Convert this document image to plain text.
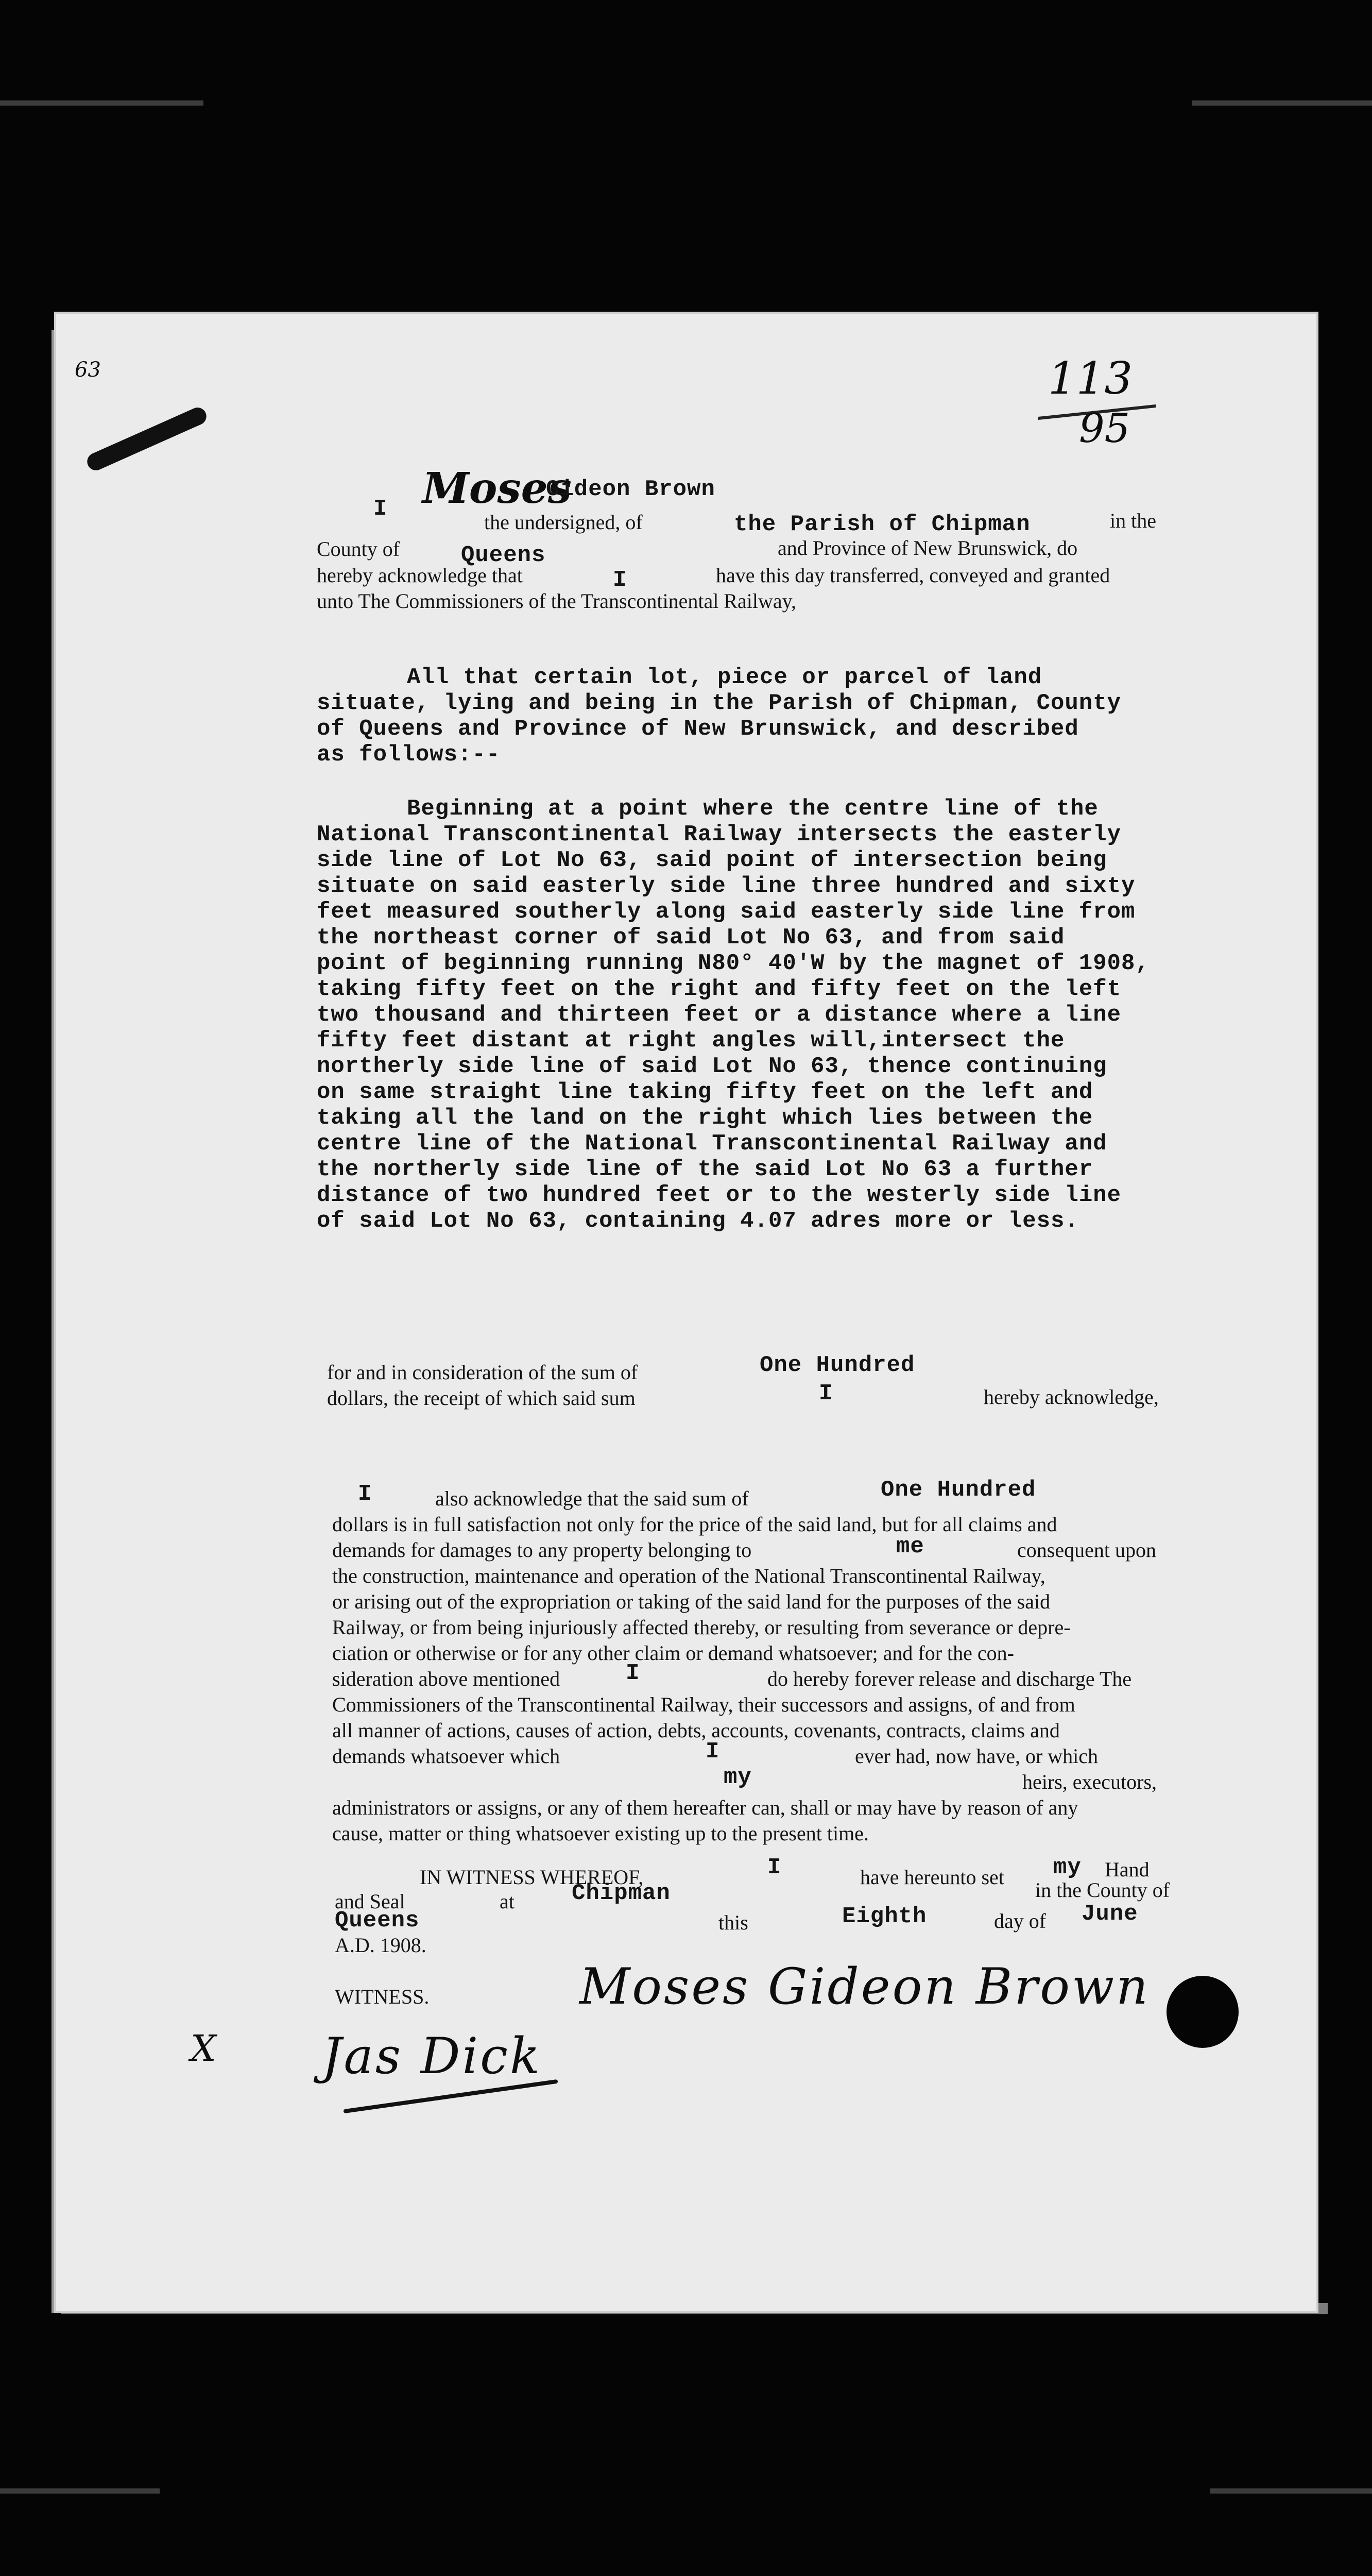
63	113
95
Moses
Gideon Brown
I
the undersigned, of	the Parish of Chipman	in the
County of	Queens	and Province of New Brunswick, do
hereby acknowledge that	I	have this day transferred, conveyed and granted
unto The Commissioners of the Transcontinental Railway,
All that certain lot, piece or parcel of land
situate, lying and being in the Parish of Chipman, County
of Queens and Province of New Brunswick, and described
as follows:--
Beginning at a point where the centre line of the
National Transcontinental Railway intersects the easterly
side line of Lot No 63, said point of intersection being
situate on said easterly side line three hundred and sixty
feet measured southerly along said easterly side line from
the northeast corner of said Lot No 63, and from said
point of beginning running N80° 40'W by the magnet of 1908,
taking fifty feet on the right and fifty feet on the left
two thousand and thirteen feet or a distance where a line
fifty feet distant at right angles will,intersect the
northerly side line of said Lot No 63, thence continuing
on same straight line taking fifty feet on the left and
taking all the land on the right which lies between the
centre line of the National Transcontinental Railway and
the northerly side line of the said Lot No 63 a further
distance of two hundred feet or to the westerly side line
of said Lot No 63, containing 4.07 adres more or less.
for and in consideration of the sum of	One Hundred
dollars, the receipt of which said sum	I	hereby acknowledge,
I	also acknowledge that the said sum of	One Hundred
dollars is in full satisfaction not only for the price of the said land, but for all claims and
demands for damages to any property belonging to	me	consequent upon
the construction, maintenance and operation of the National Transcontinental Railway,
or arising out of the expropriation or taking of the said land for the purposes of the said
Railway, or from being injuriously affected thereby, or resulting from severance or depre-
ciation or otherwise or for any other claim or demand whatsoever; and for the con-
sideration above mentioned	I	do hereby forever release and discharge The
Commissioners of the Transcontinental Railway, their successors and assigns, of and from
all manner of actions, causes of action, debts, accounts, covenants, contracts, claims and
demands whatsoever which	I	ever had, now have, or which
my	heirs, executors,
administrators or assigns, or any of them hereafter can, shall or may have by reason of any
cause, matter or thing whatsoever existing up to the present time.
IN WITNESS WHEREOF,	I	have hereunto set my Hand
and Seal	at	Chipman	in the County of
Queens	this	Eighth	day of June
A.D. 1908.
WITNESS.	Moses Gideon Brown
Jas Dick
X
